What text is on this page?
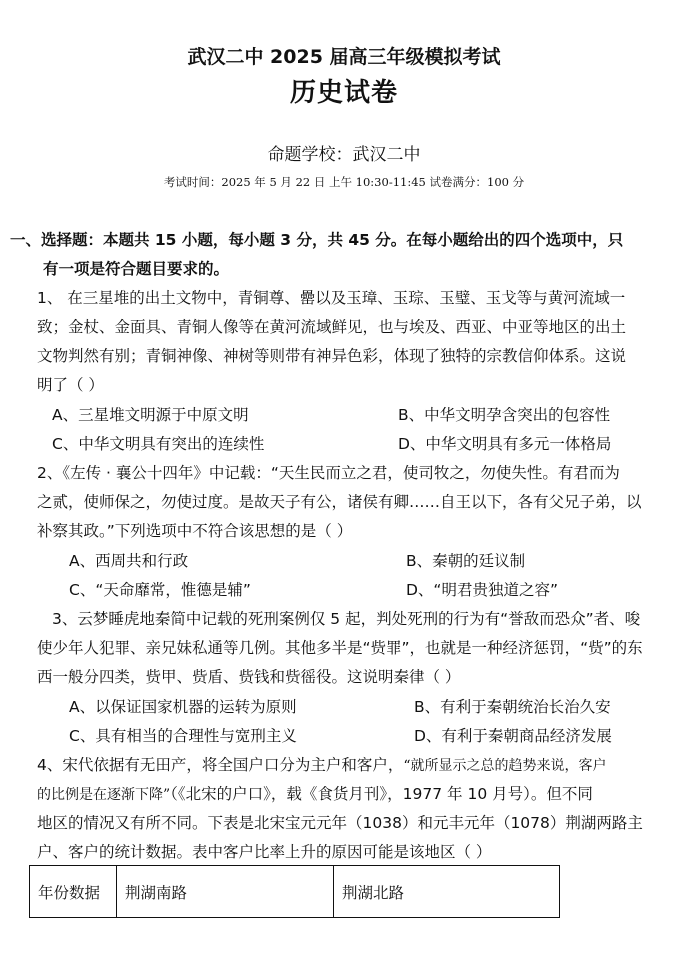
武汉二中 2025 届高三年级模拟考试
历史试卷
命题学校：武汉二中
考试时间：2025 年 5 月 22 日 上午 10:30-11:45 试卷满分：100 分
一、选择题：本题共 15 小题，每小题 3 分，共 45 分。在每小题给出的四个选项中，只
有一项是符合题目要求的。
1、 在三星堆的出土文物中，青铜尊、罍以及玉璋、玉琮、玉璧、玉戈等与黄河流域一
致；金杖、金面具、青铜人像等在黄河流域鲜见，也与埃及、西亚、中亚等地区的出土
文物判然有别；青铜神像、神树等则带有神异色彩，体现了独特的宗教信仰体系。这说
明了（ ）
A、三星堆文明源于中原文明	B、中华文明孕含突出的包容性
C、中华文明具有突出的连续性	D、中华文明具有多元一体格局
2、《左传 · 襄公十四年》中记载：“天生民而立之君，使司牧之，勿使失性。有君而为
之贰，使师保之，勿使过度。是故天子有公，诸侯有卿……自王以下，各有父兄子弟，以
补察其政。”下列选项中不符合该思想的是（ ）
A、西周共和行政	B、秦朝的廷议制
C、“天命靡常，惟德是辅”	D、“明君贵独道之容”
3、云梦睡虎地秦简中记载的死刑案例仅 5 起，判处死刑的行为有“誉敌而恐众”者、唆
使少年人犯罪、亲兄妹私通等几例。其他多半是“赀罪”，也就是一种经济惩罚，“赀”的东
西一般分四类，赀甲、赀盾、赀钱和赀徭役。这说明秦律（ ）
A、以保证国家机器的运转为原则	B、有利于秦朝统治长治久安
C、具有相当的合理性与宽刑主义	D、有利于秦朝商品经济发展
4、宋代依据有无田产，将全国户口分为主户和客户，“就所显示之总的趋势来说，客户
的比例是在逐渐下降”（《北宋的户口》，载《食货月刊》，1977 年 10 月号）。但不同
地区的情况又有所不同。下表是北宋宝元元年（1038）和元丰元年（1078）荆湖两路主
户、客户的统计数据。表中客户比率上升的原因可能是该地区（ ）
年份数据	荆湖南路	荆湖北路
